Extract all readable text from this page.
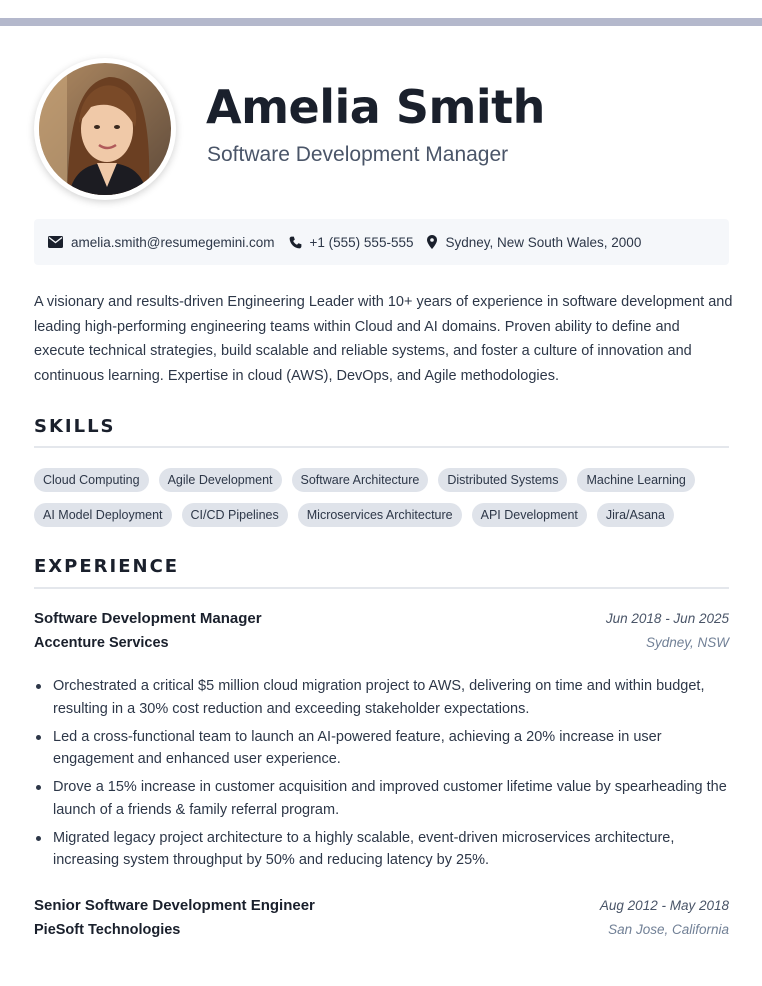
Amelia Smith
Software Development Manager
amelia.smith@resumegemini.com	+1 (555) 555-555 Sydney, New South Wales, 2000
A visionary and results-driven Engineering Leader with 10+ years of experience in software development and leading high-performing engineering teams within Cloud and AI domains. Proven ability to define and execute technical strategies, build scalable and reliable systems, and foster a culture of innovation and continuous learning. Expertise in cloud (AWS), DevOps, and Agile methodologies.
SKILLS
Cloud Computing	Agile Development	Software Architecture	Distributed Systems	Machine Learning
AI Model Deployment	CI/CD Pipelines	Microservices Architecture	API Development	Jira/Asana
EXPERIENCE
Software Development Manager	Jun 2018 - Jun 2025
Accenture Services	Sydney, NSW
Orchestrated a critical $5 million cloud migration project to AWS, delivering on time and within budget, resulting in a 30% cost reduction and exceeding stakeholder expectations.
Led a cross-functional team to launch an AI-powered feature, achieving a 20% increase in user engagement and enhanced user experience.
Drove a 15% increase in customer acquisition and improved customer lifetime value by spearheading the launch of a friends & family referral program.
Migrated legacy project architecture to a highly scalable, event-driven microservices architecture, increasing system throughput by 50% and reducing latency by 25%.
Senior Software Development Engineer	Aug 2012 - May 2018
PieSoft Technologies	San Jose, California
